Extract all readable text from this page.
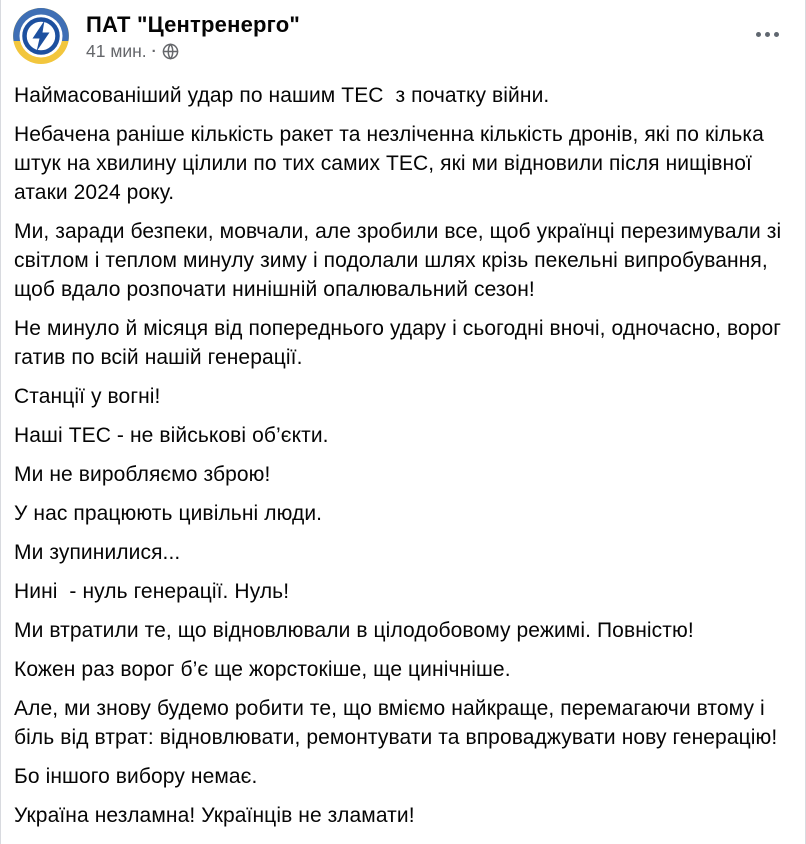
ПАТ "Центренерго"
41 мин. ·

Наймасованіший удар по нашим ТЕС  з початку війни.

Небачена раніше кількість ракет та незліченна кількість дронів, які по кілька штук на хвилину цілили по тих самих ТЕС, які ми відновили після нищівної атаки 2024 року.

Ми, заради безпеки, мовчали, але зробили все, щоб українці перезимували зі світлом і теплом минулу зиму і подолали шлях крізь пекельні випробування, щоб вдало розпочати нинішній опалювальний сезон!

Не минуло й місяця від попереднього удару і сьогодні вночі, одночасно, ворог гатив по всій нашій генерації.

Станції у вогні!

Наші ТЕС - не військові об’єкти.

Ми не виробляємо зброю!

У нас працюють цивільні люди.

Ми зупинилися...

Нині  - нуль генерації. Нуль!

Ми втратили те, що відновлювали в цілодобовому режимі. Повністю!

Кожен раз ворог б’є ще жорстокіше, ще цинічніше.

Але, ми знову будемо робити те, що вміємо найкраще, перемагаючи втому і біль від втрат: відновлювати, ремонтувати та впроваджувати нову генерацію!

Бо іншого вибору немає.

Україна незламна! Українців не зламати!
